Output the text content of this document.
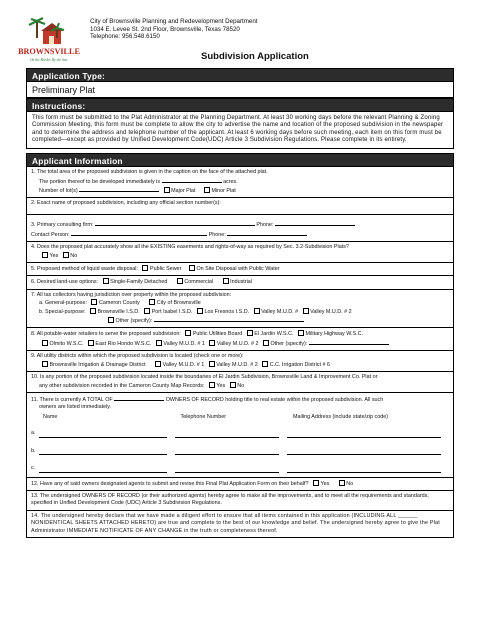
BROWNSVILLE
On the Border. By the Sea.
City of Brownsville Planning and Redevelopment Department
1034 E. Levee St. 2nd Floor, Brownsville, Texas 78520
Telephone: 956.548.6150
Subdivision Application
Application Type:
Preliminary Plat
Instructions:
This form must be submitted to the Plat Administrator at the Planning Department. At least 30 working days before the relevant Planning & Zoning Commission Meeting, this form must be complete to allow the city to advertise the name and location of the proposed subdivision in the newspaper and to determine the address and telephone number of the applicant. At least 6 working days before such meeting, each item on this form must be completed—except as provided by Unified Development Code(UDC) Article 3 Subdivision Regulations. Please complete in its entirety.
Applicant Information
1. The total area of the proposed subdivision is given in the caption on the face of the attached plat.
The portion thereof to be developed immediately is	acres.
Number of lot(s)	Major Plat	Minor Plat
2. Exact name of proposed subdivision, including any official section number(s):
3. Primary consulting firm:	Phone:
Contact Person:	Phone:
4. Does the proposed plat accurately show all the EXISTING easements and rights-of-way as required by Sec. 3.2-Subdivision Plats?
Yes No
5. Proposed method of liquid waste disposal: Public Sewer	On Site Disposal with Public Water
6. Desired land-use options: Single-Family Detached	Commercial	Industrial
7. All tax collectors having jurisdiction over property within the proposed subdivision:
a. General-purpose: Cameron County	City of Brownsville
b. Special-purpose: Brownsville I.S.D. Port Isabel I.S.D. Los Fresnos I.S.D. Valley M.U.D. # Valley M.U.D. # 2
Other (specify):
8. All potable-water retailers to serve the proposed subdivision: Public Utilities Board El Jardin W.S.C. Military Highway W.S.C.
Olmito W.S.C. East Rio Hondo W.S.C. Valley M.U.D. # 1 Valley M.U.D. # 2 Other (specify):
9. All utility districts within which the proposed subdivision is located (check one or more):
Brownsville Irrigation & Drainage District	Valley M.U.D. # 1 Valley M.U.D. # 2 C.C. Irrigation District # 6
10. Is any portion of the proposed subdivision located inside the boundaries of El Jardin Subdivision, Brownsville Land & Improvement Co. Plat or
any other subdivision recorded in the Cameron County Map Records: Yes No
11. There is currently A TOTAL OF	OWNERS OF RECORD holding title to real estate within the proposed subdivision. All such
owners are listed immediately.
Name	Telephone Number	Mailing Address (include state/zip code)
a.
b.
c.
12. Have any of said owners designated agents to submit and revise this Final Plat Application Form on their behalf? Yes	No
13. The undersigned OWNERS OF RECORD (or their authorized agents) hereby agree to make all the improvements, and to meet all the requirements and standards, specified in Unified Development Code (UDC) Article 3 Subdivision Regulations.
14. The undersigned hereby declare that we have made a diligent effort to ensure that all items contained in this application (INCLUDING ALL ______ NONIDENTICAL SHEETS ATTACHED HERETO) are true and complete to the best of our knowledge and belief. The undersigned hereby agree to give the Plat Administrator IMMEDIATE NOTIFICATE OF ANY CHANGE in the truth or completeness thereof.
